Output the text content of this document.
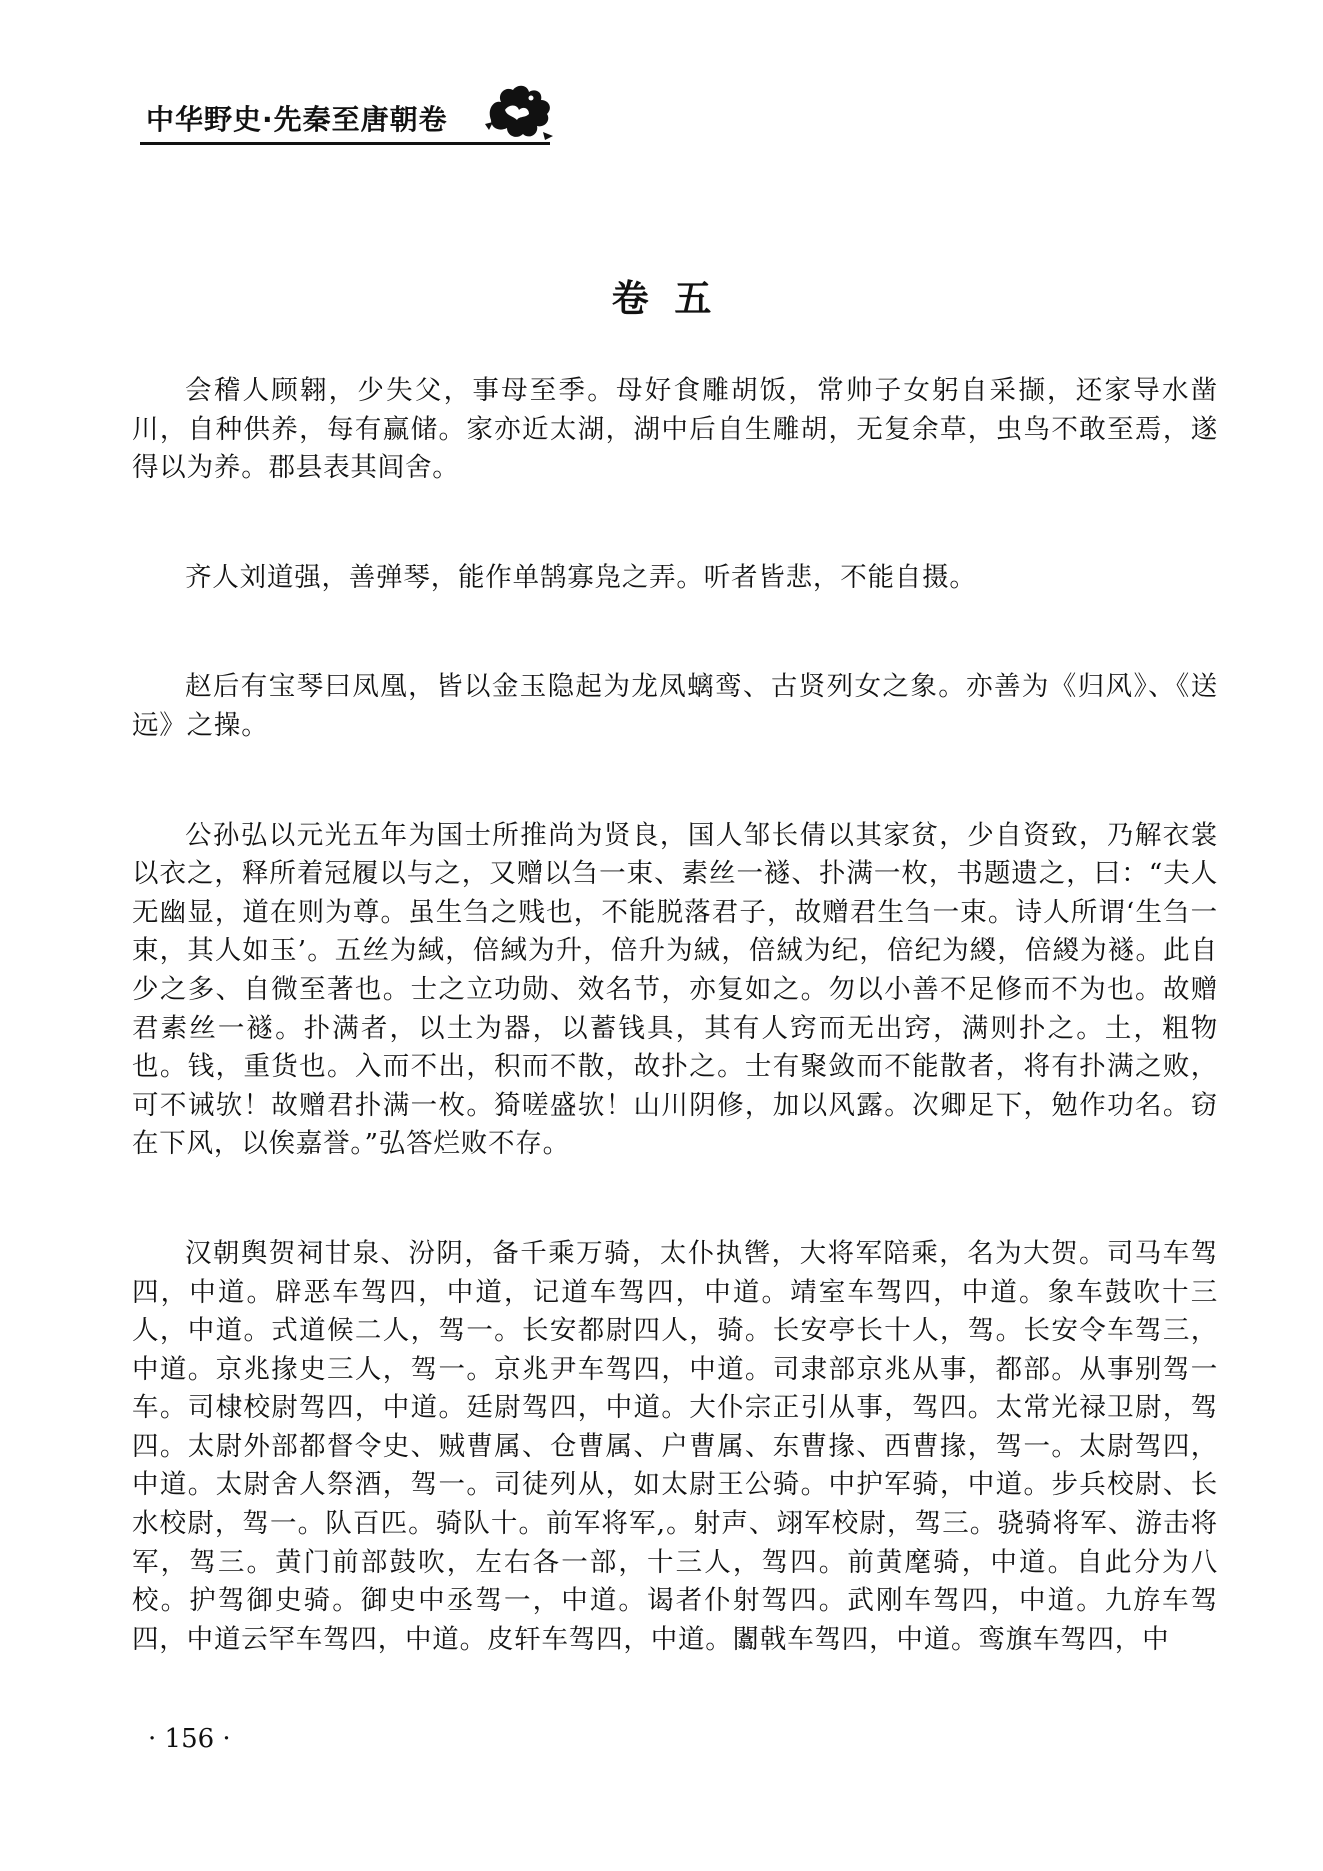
中华野史·先秦至唐朝卷
卷  五

会稽人顾翱，少失父，事母至季。母好食雕胡饭，常帅子女躬自采撷，还家导水凿川，自种供养，每有赢储。家亦近太湖，湖中后自生雕胡，无复余草，虫鸟不敢至焉，遂得以为养。郡县表其闾舍。

齐人刘道强，善弹琴，能作单鹄寡凫之弄。听者皆悲，不能自摄。

赵后有宝琴曰凤凰，皆以金玉隐起为龙凤螭鸾、古贤列女之象。亦善为《归风》、《送远》之操。

公孙弘以元光五年为国士所推尚为贤良，国人邹长倩以其家贫，少自资致，乃解衣裳以衣之，释所着冠履以与之，又赠以刍一束、素丝一襚、扑满一枚，书题遗之，曰：“夫人无幽显，道在则为尊。虽生刍之贱也，不能脱落君子，故赠君生刍一束。诗人所谓‘生刍一束，其人如玉’。五丝为緎，倍緎为升，倍升为絨，倍絨为纪，倍纪为緵，倍緵为襚。此自少之多、自微至著也。士之立功勋、效名节，亦复如之。勿以小善不足修而不为也。故赠君素丝一襚。扑满者，以土为器，以蓄钱具，其有人窍而无出窍，满则扑之。土，粗物也。钱，重货也。入而不出，积而不散，故扑之。士有聚敛而不能散者，将有扑满之败，可不诫欤！故赠君扑满一枚。猗嗟盛欤！山川阴修，加以风露。次卿足下，勉作功名。窃在下风，以俟嘉誉。”弘答烂败不存。

汉朝舆贺祠甘泉、汾阴，备千乘万骑，太仆执辔，大将军陪乘，名为大贺。司马车驾四，中道。辟恶车驾四，中道，记道车驾四，中道。靖室车驾四，中道。象车鼓吹十三人，中道。式道候二人，驾一。长安都尉四人，骑。长安亭长十人，驾。长安令车驾三，中道。京兆掾史三人，驾一。京兆尹车驾四，中道。司隶部京兆从事，都部。从事别驾一车。司棣校尉驾四，中道。廷尉驾四，中道。大仆宗正引从事，驾四。太常光禄卫尉，驾四。太尉外部都督令史、贼曹属、仓曹属、户曹属、东曹掾、西曹掾，驾一。太尉驾四，中道。太尉舍人祭酒，驾一。司徒列从，如太尉王公骑。中护军骑，中道。步兵校尉、长水校尉，驾一。队百匹。骑队十。前军将军,。射声、翊军校尉，驾三。骁骑将军、游击将军，驾三。黄门前部鼓吹，左右各一部，十三人，驾四。前黄麾骑，中道。自此分为八校。护驾御史骑。御史中丞驾一，中道。谒者仆射驾四。武刚车驾四，中道。九斿车驾四，中道云罕车驾四，中道。皮轩车驾四，中道。闟戟车驾四，中道。鸾旗车驾四，中

· 156 ·
